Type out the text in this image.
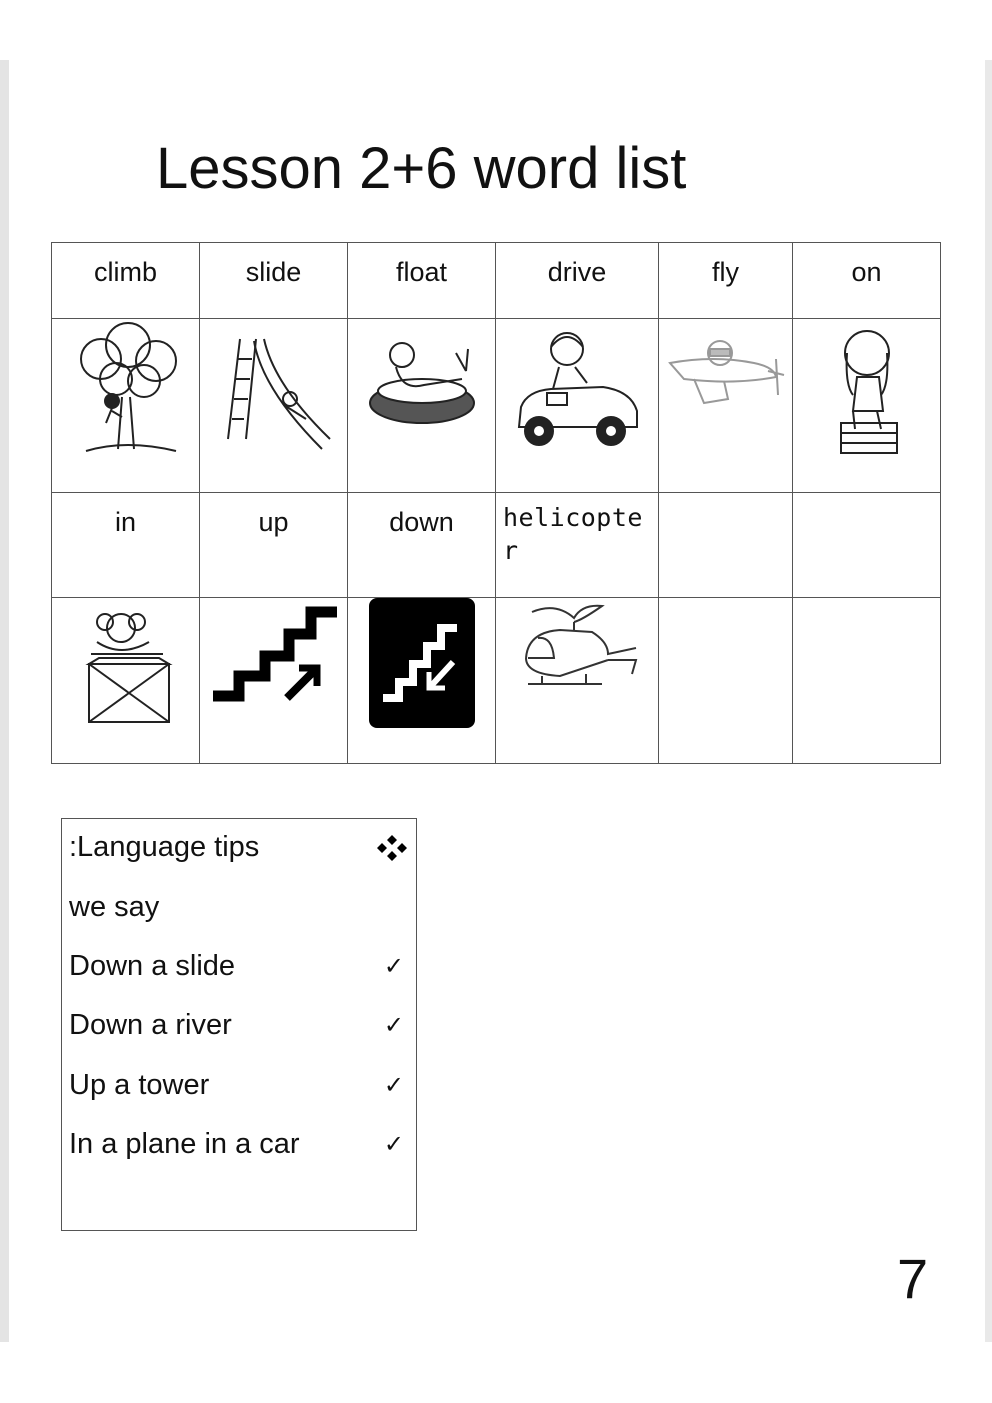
Lesson 2+6 word list
climb	slide	float	drive	fly	on

in	up	down	helicopter		

:Language tips
we say
Down a slide	✓
Down a river	✓
Up a tower	✓
In a plane in a car	✓
7
